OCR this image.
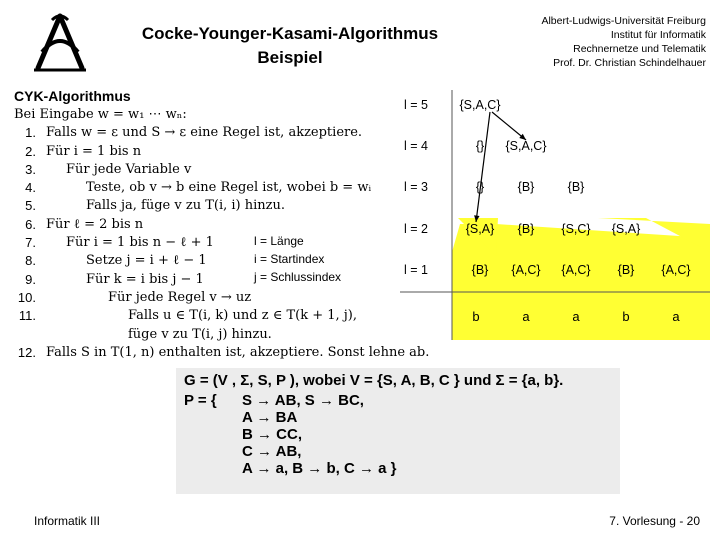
Cocke-Younger-Kasami-Algorithmus
Beispiel
Albert-Ludwigs-Universität Freiburg
Institut für Informatik
Rechnernetze und Telematik
Prof. Dr. Christian Schindelhauer
CYK-Algorithmus
Bei Eingabe w = w₁ ⋯ wₙ:
1. Falls w = ε und S → ε eine Regel ist, akzeptiere.
2. Für i = 1 bis n
3.	Für jede Variable v
4.	Teste, ob v → b eine Regel ist, wobei b = wᵢ
5.	Falls ja, füge v zu T(i, i) hinzu.
6. Für ℓ = 2 bis n
7.	Für i = 1 bis n − ℓ + 1
8.	Setze j = i + ℓ − 1
9.	Für k = i bis j − 1
10.	Für jede Regel v → uz
11.	Falls u ∈ T(i, k) und z ∈ T(k + 1, j),
füge v zu T(i, j) hinzu.
12. Falls S in T(1, n) enthalten ist, akzeptiere. Sonst lehne ab.
l = Länge
i = Startindex
j = Schlussindex
l = 5
l = 4
l = 3
l = 2
l = 1
{S,A,C}
{} {S,A,C}
{}	{B}	{B}
{S,A} {B} {S,C} {S,A}
{B} {A,C} {A,C} {B} {A,C}
b	a	a	b	a
G = (V , Σ, S, P ), wobei V = {S, A, B, C } und Σ = {a, b}.
P = { S → AB, S → BC,
A → BA
B → CC,
C → AB,
A → a, B → b, C → a }
Informatik III	7. Vorlesung - 20
